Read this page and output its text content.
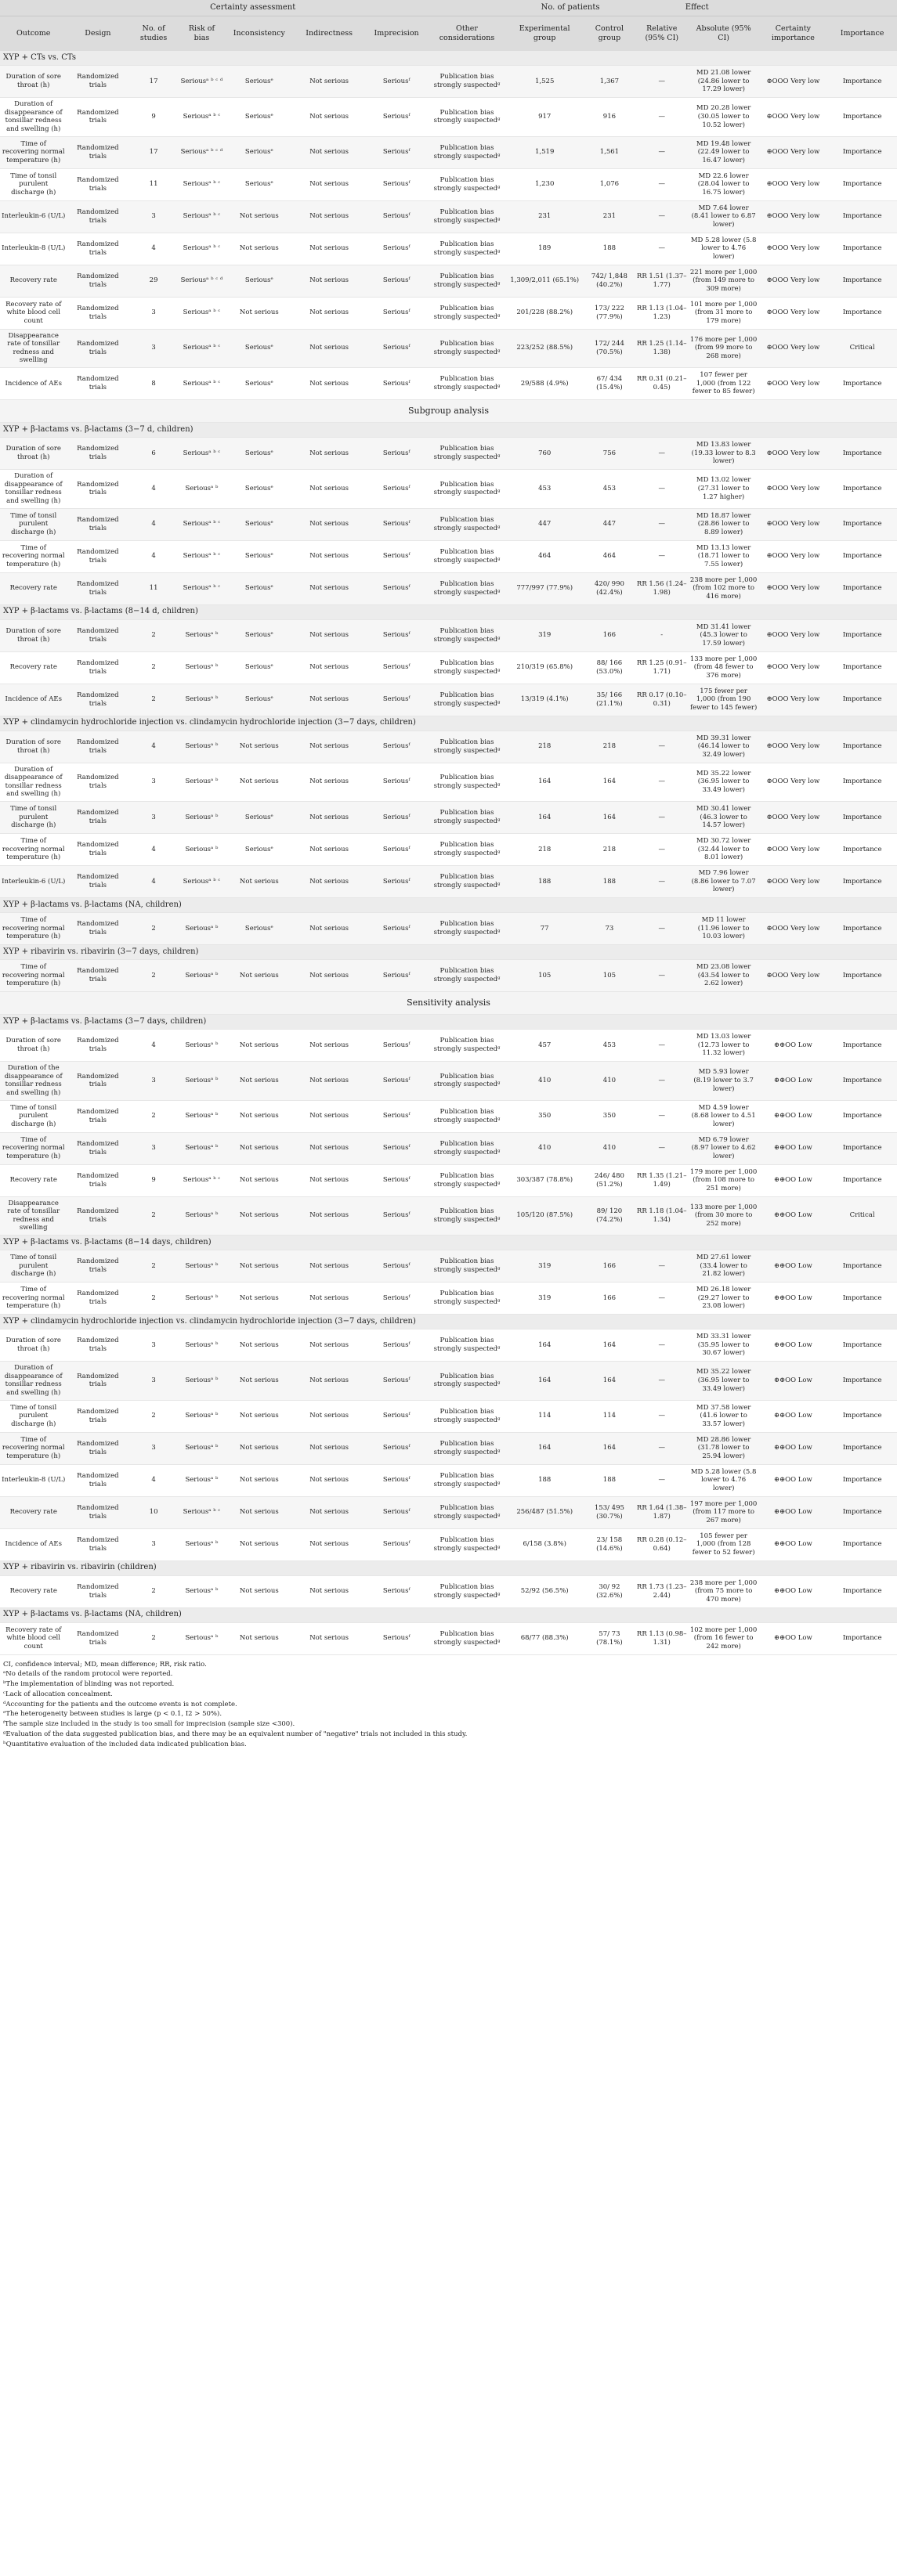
Certainty assessment								No. of patients		Effect			
Outcome	Design	No. of studies	Risk of bias	Inconsistency	Indirectness	Imprecision	Other considerations	Experimental group	Control group	Relative (95% CI)	Absolute (95% CI)	Certainty importance	Importance
XYP + CTs vs. CTs													
Duration of sore throat (h)	Randomized trials	17	Seriousᵃ ᵇ ᶜ ᵈ	Seriousᵉ	Not serious	Seriousᶠ	Publication bias strongly suspectedᵍ	1,525	1,367	—	MD 21.08 lower (24.86 lower to 17.29 lower)	⊕OOO Very low	Importance
Duration of disappearance of tonsillar redness and swelling (h)	Randomized trials	9	Seriousᵃ ᵇ ᶜ	Seriousᵉ	Not serious	Seriousᶠ	Publication bias strongly suspectedᵍ	917	916	—	MD 20.28 lower (30.05 lower to 10.52 lower)	⊕OOO Very low	Importance
Time of recovering normal temperature (h)	Randomized trials	17	Seriousᵃ ᵇ ᶜ ᵈ	Seriousᵉ	Not serious	Seriousᶠ	Publication bias strongly suspectedᵍ	1,519	1,561	—	MD 19.48 lower (22.49 lower to 16.47 lower)	⊕OOO Very low	Importance
Time of tonsil purulent discharge (h)	Randomized trials	11	Seriousᵃ ᵇ ᶜ	Seriousᵉ	Not serious	Seriousᶠ	Publication bias strongly suspectedᵍ	1,230	1,076	—	MD 22.6 lower (28.04 lower to 16.75 lower)	⊕OOO Very low	Importance
Interleukin-6 (U/L)	Randomized trials	3	Seriousᵃ ᵇ ᶜ	Not serious	Not serious	Seriousᶠ	Publication bias strongly suspectedᵍ	231	231	—	MD 7.64 lower (8.41 lower to 6.87 lower)	⊕OOO Very low	Importance
Interleukin-8 (U/L)	Randomized trials	4	Seriousᵃ ᵇ ᶜ	Not serious	Not serious	Seriousᶠ	Publication bias strongly suspectedᵍ	189	188	—	MD 5.28 lower (5.8 lower to 4.76 lower)	⊕OOO Very low	Importance
Recovery rate	Randomized trials	29	Seriousᵃ ᵇ ᶜ ᵈ	Seriousᵉ	Not serious	Seriousᶠ	Publication bias strongly suspectedᵍ	1,309/2,011 (65.1%)	742/ 1,848 (40.2%)	RR 1.51 (1.37–1.77)	221 more per 1,000 (from 149 more to 309 more)	⊕OOO Very low	Importance
Recovery rate of white blood cell count	Randomized trials	3	Seriousᵃ ᵇ ᶜ	Not serious	Not serious	Seriousᶠ	Publication bias strongly suspectedᵍ	201/228 (88.2%)	173/ 222 (77.9%)	RR 1.13 (1.04–1.23)	101 more per 1,000 (from 31 more to 179 more)	⊕OOO Very low	Importance
Disappearance rate of tonsillar redness and swelling	Randomized trials	3	Seriousᵃ ᵇ ᶜ	Seriousᵉ	Not serious	Seriousᶠ	Publication bias strongly suspectedᵍ	223/252 (88.5%)	172/ 244 (70.5%)	RR 1.25 (1.14–1.38)	176 more per 1,000 (from 99 more to 268 more)	⊕OOO Very low	Critical
Incidence of AEs	Randomized trials	8	Seriousᵃ ᵇ ᶜ	Seriousᵉ	Not serious	Seriousᶠ	Publication bias strongly suspectedᵍ	29/588 (4.9%)	67/ 434 (15.4%)	RR 0.31 (0.21–0.45)	107 fewer per 1,000 (from 122 fewer to 85 fewer)	⊕OOO Very low	Importance
Subgroup analysis													
XYP + β-lactams vs. β-lactams (3−7 d, children)													
Duration of sore throat (h)	Randomized trials	6	Seriousᵃ ᵇ ᶜ	Seriousᵉ	Not serious	Seriousᶠ	Publication bias strongly suspectedᵍ	760	756	—	MD 13.83 lower (19.33 lower to 8.3 lower)	⊕OOO Very low	Importance
Duration of disappearance of tonsillar redness and swelling (h)	Randomized trials	4	Seriousᵃ ᵇ	Seriousᵉ	Not serious	Seriousᶠ	Publication bias strongly suspectedᵍ	453	453	—	MD 13.02 lower (27.31 lower to 1.27 higher)	⊕OOO Very low	Importance
Time of tonsil purulent discharge (h)	Randomized trials	4	Seriousᵃ ᵇ ᶜ	Seriousᵉ	Not serious	Seriousᶠ	Publication bias strongly suspectedᵍ	447	447	—	MD 18.87 lower (28.86 lower to 8.89 lower)	⊕OOO Very low	Importance
Time of recovering normal temperature (h)	Randomized trials	4	Seriousᵃ ᵇ ᶜ	Seriousᵉ	Not serious	Seriousᶠ	Publication bias strongly suspectedᵍ	464	464	—	MD 13.13 lower (18.71 lower to 7.55 lower)	⊕OOO Very low	Importance
Recovery rate	Randomized trials	11	Seriousᵃ ᵇ ᶜ	Seriousᵉ	Not serious	Seriousᶠ	Publication bias strongly suspectedᵍ	777/997 (77.9%)	420/ 990 (42.4%)	RR 1.56 (1.24–1.98)	238 more per 1,000 (from 102 more to 416 more)	⊕OOO Very low	Importance
XYP + β-lactams vs. β-lactams (8−14 d, children)													
Duration of sore throat (h)	Randomized trials	2	Seriousᵃ ᵇ	Seriousᵉ	Not serious	Seriousᶠ	Publication bias strongly suspectedᵍ	319	166	-	MD 31.41 lower (45.3 lower to 17.59 lower)	⊕OOO Very low	Importance
Recovery rate	Randomized trials	2	Seriousᵃ ᵇ	Seriousᵉ	Not serious	Seriousᶠ	Publication bias strongly suspectedᵍ	210/319 (65.8%)	88/ 166 (53.0%)	RR 1.25 (0.91–1.71)	133 more per 1,000 (from 48 fewer to 376 more)	⊕OOO Very low	Importance
Incidence of AEs	Randomized trials	2	Seriousᵃ ᵇ	Seriousᵉ	Not serious	Seriousᶠ	Publication bias strongly suspectedᵍ	13/319 (4.1%)	35/ 166 (21.1%)	RR 0.17 (0.10–0.31)	175 fewer per 1,000 (from 190 fewer to 145 fewer)	⊕OOO Very low	Importance
XYP + clindamycin hydrochloride injection vs. clindamycin hydrochloride injection (3−7 days, children)													
Duration of sore throat (h)	Randomized trials	4	Seriousᵃ ᵇ	Not serious	Not serious	Seriousᶠ	Publication bias strongly suspectedᵍ	218	218	—	MD 39.31 lower (46.14 lower to 32.49 lower)	⊕OOO Very low	Importance
Duration of disappearance of tonsillar redness and swelling (h)	Randomized trials	3	Seriousᵃ ᵇ	Not serious	Not serious	Seriousᶠ	Publication bias strongly suspectedᵍ	164	164	—	MD 35.22 lower (36.95 lower to 33.49 lower)	⊕OOO Very low	Importance
Time of tonsil purulent discharge (h)	Randomized trials	3	Seriousᵃ ᵇ	Seriousᵉ	Not serious	Seriousᶠ	Publication bias strongly suspectedᵍ	164	164	—	MD 30.41 lower (46.3 lower to 14.57 lower)	⊕OOO Very low	Importance
Time of recovering normal temperature (h)	Randomized trials	4	Seriousᵃ ᵇ	Seriousᵉ	Not serious	Seriousᶠ	Publication bias strongly suspectedᵍ	218	218	—	MD 30.72 lower (32.44 lower to 8.01 lower)	⊕OOO Very low	Importance
Interleukin-6 (U/L)	Randomized trials	4	Seriousᵃ ᵇ ᶜ	Not serious	Not serious	Seriousᶠ	Publication bias strongly suspectedᵍ	188	188	—	MD 7.96 lower (8.86 lower to 7.07 lower)	⊕OOO Very low	Importance
XYP + β-lactams vs. β-lactams (NA, children)													
Time of recovering normal temperature (h)	Randomized trials	2	Seriousᵃ ᵇ	Seriousᵉ	Not serious	Seriousᶠ	Publication bias strongly suspectedᵍ	77	73	—	MD 11 lower (11.96 lower to 10.03 lower)	⊕OOO Very low	Importance
XYP + ribavirin vs. ribavirin (3−7 days, children)													
Time of recovering normal temperature (h)	Randomized trials	2	Seriousᵃ ᵇ	Not serious	Not serious	Seriousᶠ	Publication bias strongly suspectedᵍ	105	105	—	MD 23.08 lower (43.54 lower to 2.62 lower)	⊕OOO Very low	Importance
Sensitivity analysis													
XYP + β-lactams vs. β-lactams (3−7 days, children)													
Duration of sore throat (h)	Randomized trials	4	Seriousᵃ ᵇ	Not serious	Not serious	Seriousᶠ	Publication bias strongly suspectedᵍ	457	453	—	MD 13.03 lower (12.73 lower to 11.32 lower)	⊕⊕OO Low	Importance
Duration of the disappearance of tonsillar redness and swelling (h)	Randomized trials	3	Seriousᵃ ᵇ	Not serious	Not serious	Seriousᶠ	Publication bias strongly suspectedᵍ	410	410	—	MD 5.93 lower (8.19 lower to 3.7 lower)	⊕⊕OO Low	Importance
Time of tonsil purulent discharge (h)	Randomized trials	2	Seriousᵃ ᵇ	Not serious	Not serious	Seriousᶠ	Publication bias strongly suspectedᵍ	350	350	—	MD 4.59 lower (8.68 lower to 4.51 lower)	⊕⊕OO Low	Importance
Time of recovering normal temperature (h)	Randomized trials	3	Seriousᵃ ᵇ	Not serious	Not serious	Seriousᶠ	Publication bias strongly suspectedᵍ	410	410	—	MD 6.79 lower (8.97 lower to 4.62 lower)	⊕⊕OO Low	Importance
Recovery rate	Randomized trials	9	Seriousᵃ ᵇ ᶜ	Not serious	Not serious	Seriousᶠ	Publication bias strongly suspectedᵍ	303/387 (78.8%)	246/ 480 (51.2%)	RR 1.35 (1.21–1.49)	179 more per 1,000 (from 108 more to 251 more)	⊕⊕OO Low	Importance
Disappearance rate of tonsillar redness and swelling	Randomized trials	2	Seriousᵃ ᵇ	Not serious	Not serious	Seriousᶠ	Publication bias strongly suspectedᵍ	105/120 (87.5%)	89/ 120 (74.2%)	RR 1.18 (1.04–1.34)	133 more per 1,000 (from 30 more to 252 more)	⊕⊕OO Low	Critical
XYP + β-lactams vs. β-lactams (8−14 days, children)													
Time of tonsil purulent discharge (h)	Randomized trials	2	Seriousᵃ ᵇ	Not serious	Not serious	Seriousᶠ	Publication bias strongly suspectedᵍ	319	166	—	MD 27.61 lower (33.4 lower to 21.82 lower)	⊕⊕OO Low	Importance
Time of recovering normal temperature (h)	Randomized trials	2	Seriousᵃ ᵇ	Not serious	Not serious	Seriousᶠ	Publication bias strongly suspectedᵍ	319	166	—	MD 26.18 lower (29.27 lower to 23.08 lower)	⊕⊕OO Low	Importance
XYP + clindamycin hydrochloride injection vs. clindamycin hydrochloride injection (3−7 days, children)													
Duration of sore throat (h)	Randomized trials	3	Seriousᵃ ᵇ	Not serious	Not serious	Seriousᶠ	Publication bias strongly suspectedᵍ	164	164	—	MD 33.31 lower (35.95 lower to 30.67 lower)	⊕⊕OO Low	Importance
Duration of disappearance of tonsillar redness and swelling (h)	Randomized trials	3	Seriousᵃ ᵇ	Not serious	Not serious	Seriousᶠ	Publication bias strongly suspectedᵍ	164	164	—	MD 35.22 lower (36.95 lower to 33.49 lower)	⊕⊕OO Low	Importance
Time of tonsil purulent discharge (h)	Randomized trials	2	Seriousᵃ ᵇ	Not serious	Not serious	Seriousᶠ	Publication bias strongly suspectedᵍ	114	114	—	MD 37.58 lower (41.6 lower to 33.57 lower)	⊕⊕OO Low	Importance
Time of recovering normal temperature (h)	Randomized trials	3	Seriousᵃ ᵇ	Not serious	Not serious	Seriousᶠ	Publication bias strongly suspectedᵍ	164	164	—	MD 28.86 lower (31.78 lower to 25.94 lower)	⊕⊕OO Low	Importance
Interleukin-8 (U/L)	Randomized trials	4	Seriousᵃ ᵇ	Not serious	Not serious	Seriousᶠ	Publication bias strongly suspectedᵍ	188	188	—	MD 5.28 lower (5.8 lower to 4.76 lower)	⊕⊕OO Low	Importance
Recovery rate	Randomized trials	10	Seriousᵃ ᵇ ᶜ	Not serious	Not serious	Seriousᶠ	Publication bias strongly suspectedᵍ	256/487 (51.5%)	153/ 495 (30.7%)	RR 1.64 (1.38–1.87)	197 more per 1,000 (from 117 more to 267 more)	⊕⊕OO Low	Importance
Incidence of AEs	Randomized trials	3	Seriousᵃ ᵇ	Not serious	Not serious	Seriousᶠ	Publication bias strongly suspectedᵍ	6/158 (3.8%)	23/ 158 (14.6%)	RR 0.28 (0.12–0.64)	105 fewer per 1,000 (from 128 fewer to 52 fewer)	⊕⊕OO Low	Importance
XYP + ribavirin vs. ribavirin (children)													
Recovery rate	Randomized trials	2	Seriousᵃ ᵇ	Not serious	Not serious	Seriousᶠ	Publication bias strongly suspectedᵍ	52/92 (56.5%)	30/ 92 (32.6%)	RR 1.73 (1.23–2.44)	238 more per 1,000 (from 75 more to 470 more)	⊕⊕OO Low	Importance
XYP + β-lactams vs. β-lactams (NA, children)													
Recovery rate of white blood cell count	Randomized trials	2	Seriousᵃ ᵇ	Not serious	Not serious	Seriousᶠ	Publication bias strongly suspectedᵍ	68/77 (88.3%)	57/ 73 (78.1%)	RR 1.13 (0.98–1.31)	102 more per 1,000 (from 16 fewer to 242 more)	⊕⊕OO Low	Importance
CI, confidence interval; MD, mean difference; RR, risk ratio.
ᵃNo details of the random protocol were reported.
ᵇThe implementation of blinding was not reported.
ᶜLack of allocation concealment.
ᵈAccounting for the patients and the outcome events is not complete.
ᵉThe heterogeneity between studies is large (p < 0.1, I2 > 50%).
ᶠThe sample size included in the study is too small for imprecision (sample size <300).
ᵍEvaluation of the data suggested publication bias, and there may be an equivalent number of "negative" trials not included in this study.
ʰQuantitative evaluation of the included data indicated publication bias.
